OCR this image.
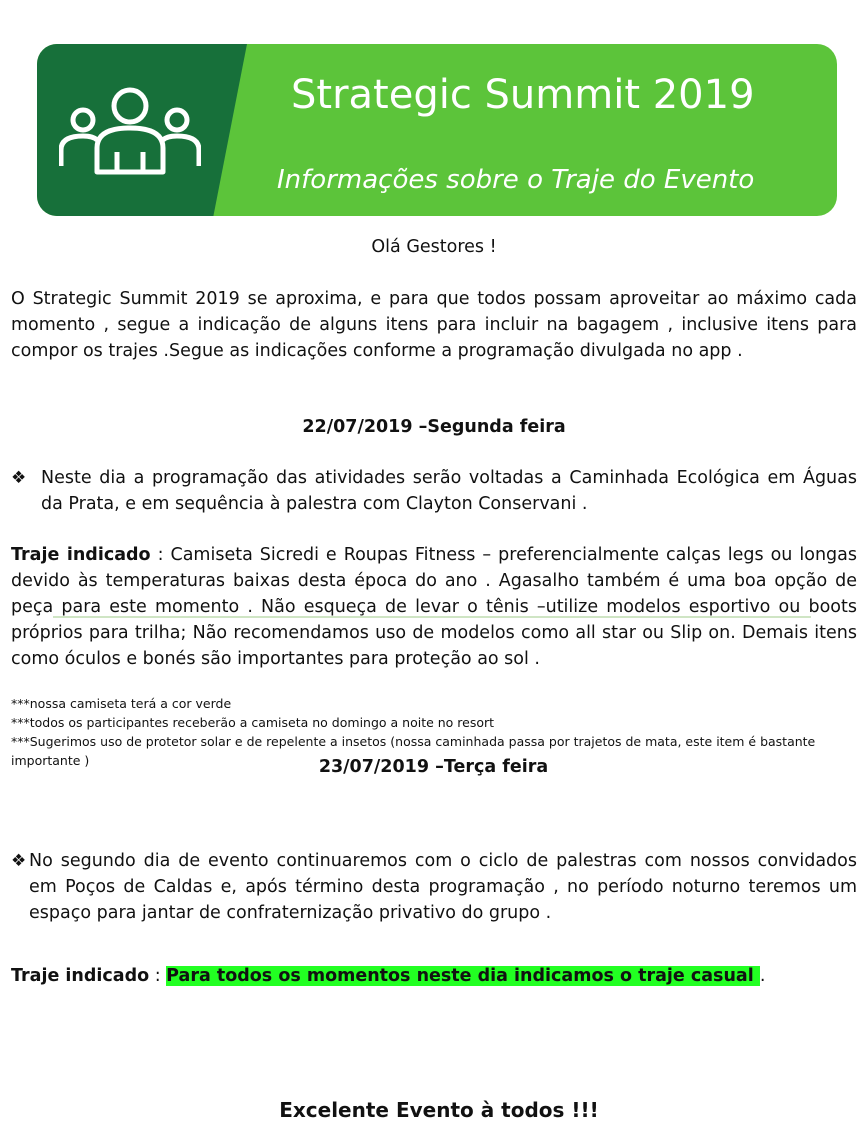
Strategic Summit 2019
Informações sobre o Traje do Evento

Olá Gestores !

O Strategic Summit 2019 se aproxima, e para que todos possam aproveitar ao máximo cada momento , segue a indicação de alguns itens para incluir na bagagem , inclusive itens para compor os trajes .Segue as indicações conforme a programação divulgada no app .

22/07/2019 –Segunda feira

❖ Neste dia a programação das atividades serão voltadas a Caminhada Ecológica em Águas da Prata, e em sequência à palestra com Clayton Conservani .

Traje indicado : Camiseta Sicredi e Roupas Fitness – preferencialmente calças legs ou longas devido às temperaturas baixas desta época do ano . Agasalho também é uma boa opção de peça para este momento . Não esqueça de levar o tênis –utilize modelos esportivo ou boots próprios para trilha; Não recomendamos uso de modelos como all star ou Slip on. Demais itens como óculos e bonés são importantes para proteção ao sol .

***nossa camiseta terá a cor verde
***todos os participantes receberão a camiseta no domingo a noite no resort
***Sugerimos uso de protetor solar e de repelente a insetos (nossa caminhada passa por trajetos de mata, este item é bastante importante )	23/07/2019 –Terça feira

❖ No segundo dia de evento continuaremos com o ciclo de palestras com nossos convidados em Poços de Caldas e, após término desta programação , no período noturno teremos um espaço para jantar de confraternização privativo do grupo .

Traje indicado : Para todos os momentos neste dia indicamos o traje casual .

Excelente Evento à todos !!!
